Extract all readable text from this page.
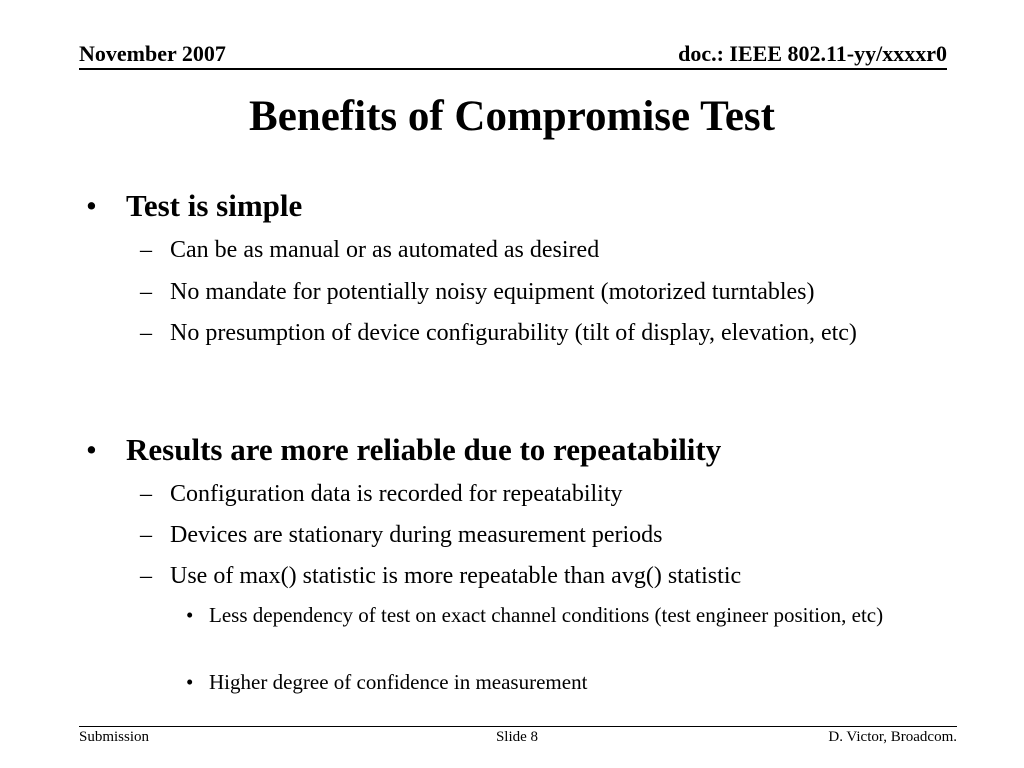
November 2007	doc.: IEEE 802.11-yy/xxxxr0
Benefits of Compromise Test
• Test is simple
– Can be as manual or as automated as desired
– No mandate for potentially noisy equipment (motorized turntables)
– No presumption of device configurability (tilt of display, elevation, etc)
• Results are more reliable due to repeatability
– Configuration data is recorded for repeatability
– Devices are stationary during measurement periods
– Use of max() statistic is more repeatable than avg() statistic
• Less dependency of test on exact channel conditions (test engineer position, etc)
• Higher degree of confidence in measurement
Submission	Slide 8	D. Victor, Broadcom.
